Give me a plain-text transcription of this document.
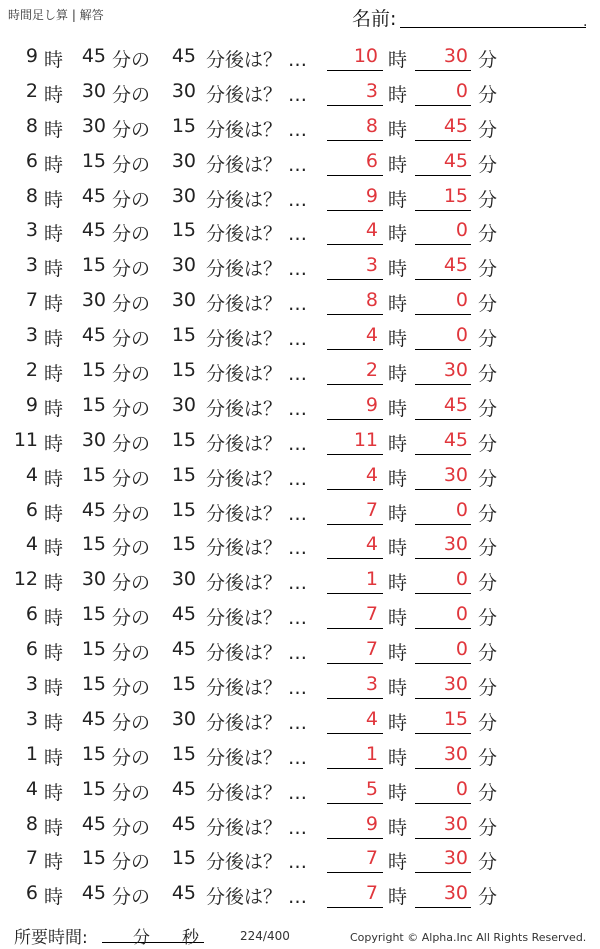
時間足し算 | 解答	名前:	.
9 時 45 分の	45 分後は？ …	10 時	30 分
2 時 30 分の	30 分後は？ …	3 時	0 分
8 時 30 分の	15 分後は？ …	8 時	45 分
6 時 15 分の	30 分後は？ …	6 時	45 分
8 時 45 分の	30 分後は？ …	9 時	15 分
3 時 45 分の	15 分後は？ …	4 時	0 分
3 時 15 分の	30 分後は？ …	3 時	45 分
7 時 30 分の	30 分後は？ …	8 時	0 分
3 時 45 分の	15 分後は？ …	4 時	0 分
2 時 15 分の	15 分後は？ …	2 時	30 分
9 時 15 分の	30 分後は？ …	9 時	45 分
11 時 30 分の	15 分後は？ …	11 時	45 分
4 時 15 分の	15 分後は？ …	4 時	30 分
6 時 45 分の	15 分後は？ …	7 時	0 分
4 時 15 分の	15 分後は？ …	4 時	30 分
12 時 30 分の	30 分後は？ …	1 時	0 分
6 時 15 分の	45 分後は？ …	7 時	0 分
6 時 15 分の	45 分後は？ …	7 時	0 分
3 時 15 分の	15 分後は？ …	3 時	30 分
3 時 45 分の	30 分後は？ …	4 時	15 分
1 時 15 分の	15 分後は？ …	1 時	30 分
4 時 15 分の	45 分後は？ …	5 時	0 分
8 時 45 分の	45 分後は？ …	9 時	30 分
7 時 15 分の	15 分後は？ …	7 時	30 分
6 時 45 分の	45 分後は？ …	7 時	30 分
所要時間:	分 秒	224/400	Copyright © Alpha.Inc All Rights Reserved.
